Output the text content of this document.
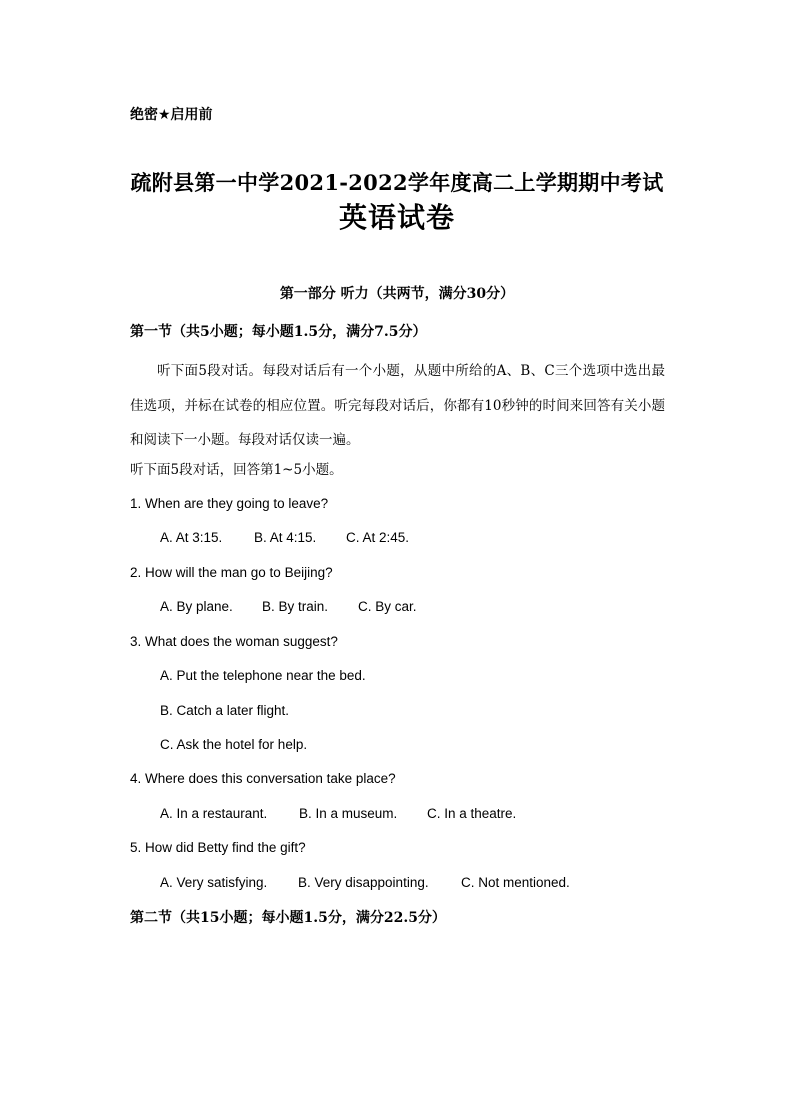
绝密★启用前
疏附县第一中学2021-2022学年度高二上学期期中考试
英语试卷
第一部分 听力（共两节，满分30分）
第一节（共5小题；每小题1.5分，满分7.5分）
听下面5段对话。每段对话后有一个小题，从题中所给的A、B、C三个选项中选出最佳选项，并标在试卷的相应位置。听完每段对话后，你都有10秒钟的时间来回答有关小题和阅读下一小题。每段对话仅读一遍。
听下面5段对话，回答第1~5小题。
1. When are they going to leave?
A. At 3:15. B. At 4:15. C. At 2:45.
2. How will the man go to Beijing?
A. By plane. B. By train. C. By car.
3. What does the woman suggest?
A. Put the telephone near the bed.
B. Catch a later flight.
C. Ask the hotel for help.
4. Where does this conversation take place?
A. In a restaurant. B. In a museum. C. In a theatre.
5. How did Betty find the gift?
A. Very satisfying. B. Very disappointing. C. Not mentioned.
第二节（共15小题；每小题1.5分，满分22.5分）
